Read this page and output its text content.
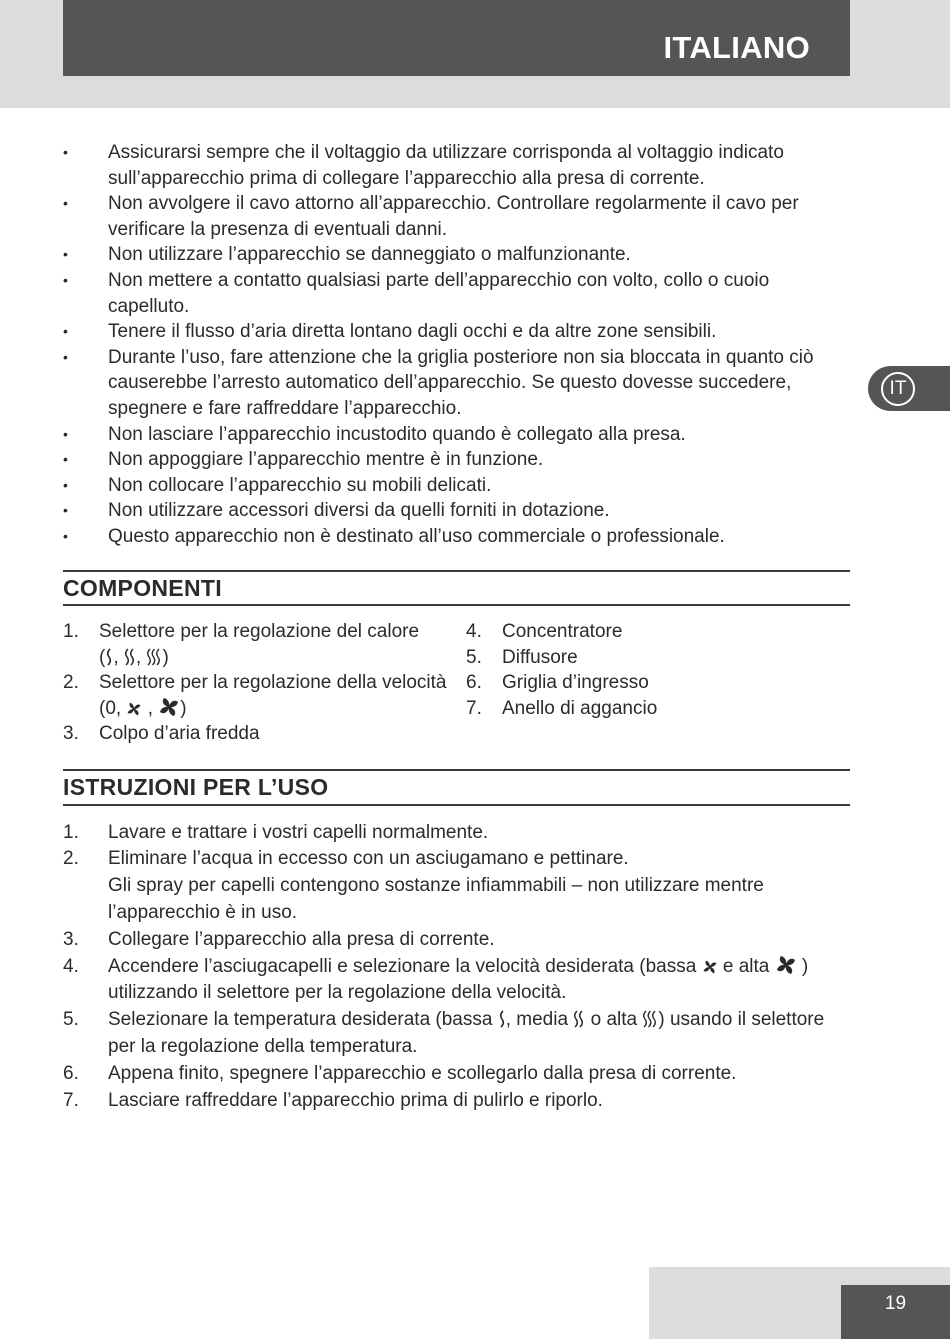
ITALIANO
IT
• Assicurarsi sempre che il voltaggio da utilizzare corrisponda al voltaggio indicato sull’apparecchio prima di collegare l’apparecchio alla presa di corrente.
• Non avvolgere il cavo attorno all’apparecchio. Controllare regolarmente il cavo per verificare la presenza di eventuali danni.
• Non utilizzare l’apparecchio se danneggiato o malfunzionante.
• Non mettere a contatto qualsiasi parte dell’apparecchio con volto, collo o cuoio capelluto.
• Tenere il flusso d’aria diretta lontano dagli occhi e da altre zone sensibili.
• Durante l’uso, fare attenzione che la griglia posteriore non sia bloccata in quanto ciò causerebbe l’arresto automatico dell’apparecchio. Se questo dovesse succedere, spegnere e fare raffreddare l’apparecchio.
• Non lasciare l’apparecchio incustodito quando è collegato alla presa.
• Non appoggiare l’apparecchio mentre è in funzione.
• Non collocare l’apparecchio su mobili delicati.
• Non utilizzare accessori diversi da quelli forniti in dotazione.
• Questo apparecchio non è destinato all’uso commerciale o professionale.
COMPONENTI
1. Selettore per la regolazione del calore
( , , )
2. Selettore per la regolazione della velocità
(0,  , )
3. Colpo d’aria fredda
4. Concentratore
5. Diffusore
6. Griglia d’ingresso
7. Anello di aggancio
ISTRUZIONI PER L’USO
1. Lavare e trattare i vostri capelli normalmente.
2. Eliminare l’acqua in eccesso con un asciugamano e pettinare.
Gli spray per capelli contengono sostanze infiammabili – non utilizzare mentre l’apparecchio è in uso.
3. Collegare l’apparecchio alla presa di corrente.
4. Accendere l’asciugacapelli e selezionare la velocità desiderata (bassa  e alta  ) utilizzando il selettore per la regolazione della velocità.
5. Selezionare la temperatura desiderata (bassa , media  o alta ) usando il selettore per la regolazione della temperatura.
6. Appena finito, spegnere l’apparecchio e scollegarlo dalla presa di corrente.
7. Lasciare raffreddare l’apparecchio prima di pulirlo e riporlo.
19
